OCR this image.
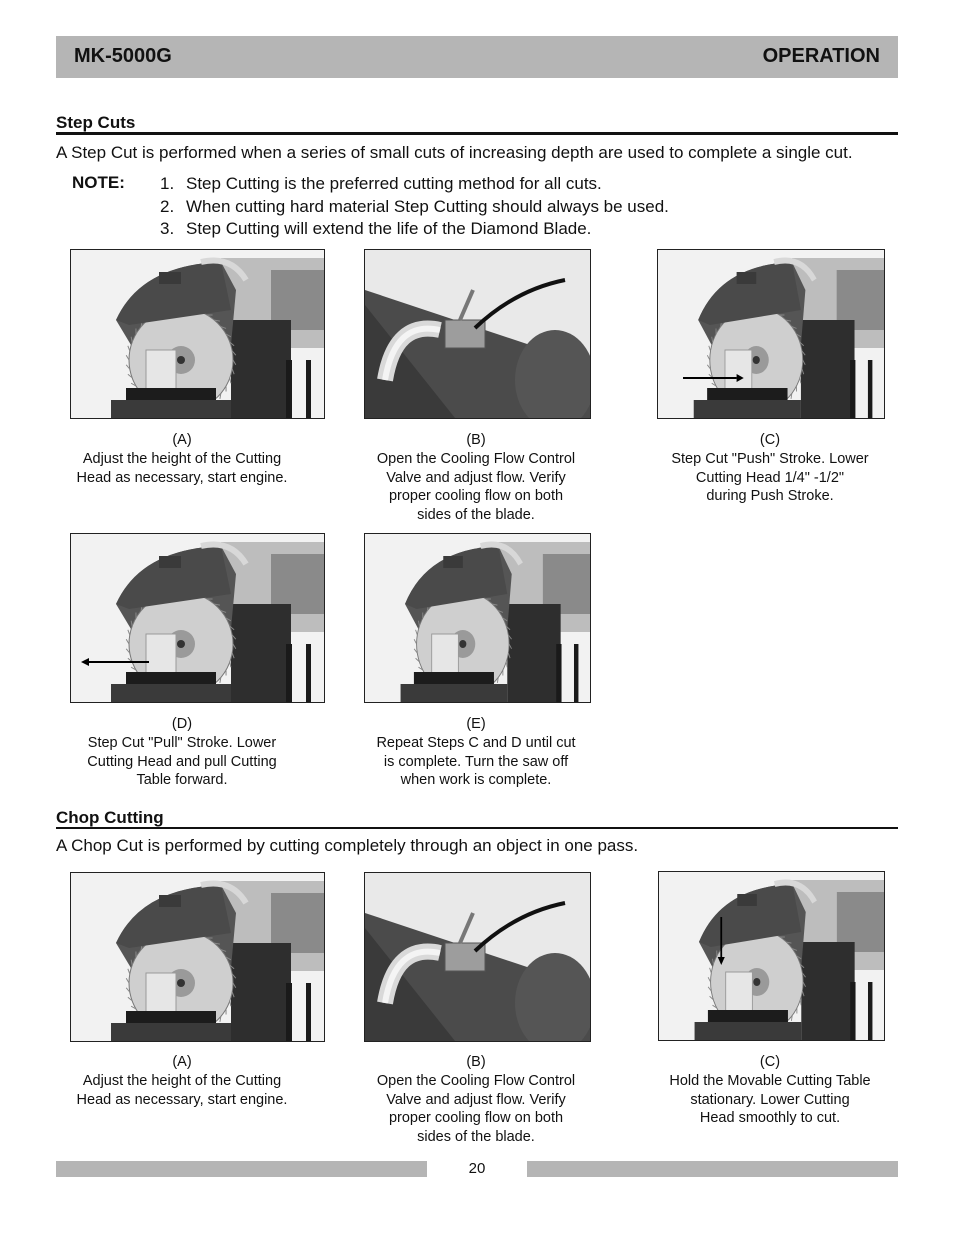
MK-5000G	OPERATION
Step Cuts
A Step Cut is performed when a series of small cuts of increasing depth are used to complete a single cut.
NOTE: 1. Step Cutting is the preferred cutting method for all cuts.
2. When cutting hard material Step Cutting should always be used.
3. Step Cutting will extend the life of the Diamond Blade.
(A)
Adjust the height of the Cutting
Head as necessary, start engine.
(B)
Open the Cooling Flow Control
Valve and adjust flow. Verify
proper cooling flow on both
sides of the blade.
(C)
Step Cut "Push" Stroke. Lower
Cutting Head 1/4" -1/2"
during Push Stroke.
(D)
Step Cut "Pull" Stroke. Lower
Cutting Head and pull Cutting
Table forward.
(E)
Repeat Steps C and D until cut
is complete. Turn the saw off
when work is complete.
Chop Cutting
A Chop Cut is performed by cutting completely through an object in one pass.
(A)
Adjust the height of the Cutting
Head as necessary, start engine.
(B)
Open the Cooling Flow Control
Valve and adjust flow. Verify
proper cooling flow on both
sides of the blade.
(C)
Hold the Movable Cutting Table
stationary. Lower Cutting
Head smoothly to cut.
20
